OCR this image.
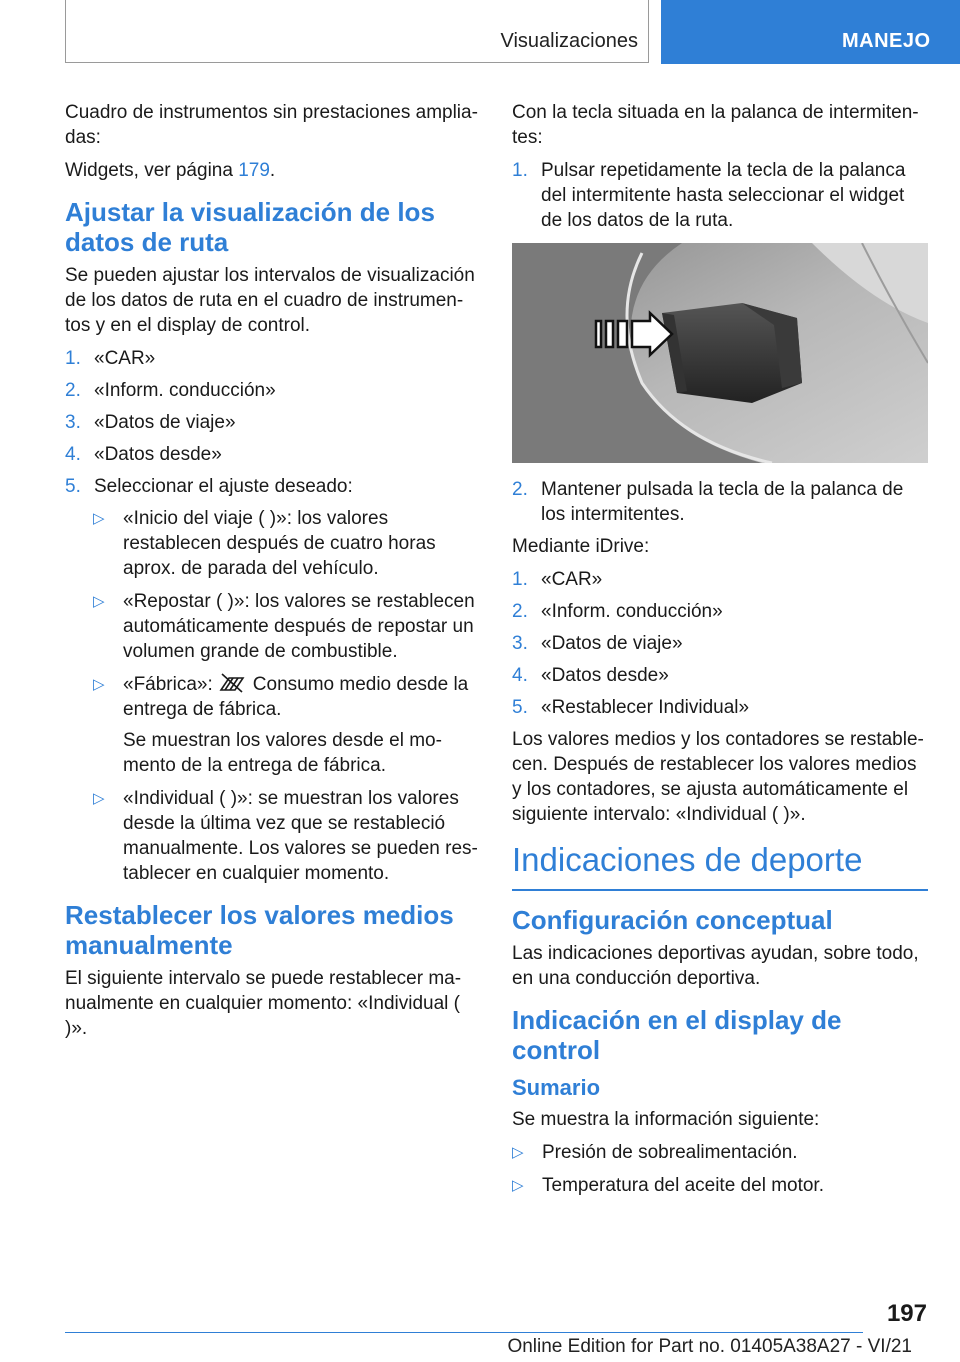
Visualizaciones	MANEJO

Cuadro de instrumentos sin prestaciones amplia-das:

Widgets, ver página 179.

Ajustar la visualización de los datos de ruta

Se pueden ajustar los intervalos de visualización de los datos de ruta en el cuadro de instrumen-tos y en el display de control.

1. «CAR»
2. «Inform. conducción»
3. «Datos de viaje»
4. «Datos desde»
5. Seleccionar el ajuste deseado:
▷ «Inicio del viaje ( )»: los valores restablecen después de cuatro horas aprox. de parada del vehículo.
▷ «Repostar ( )»: los valores se restablecen automáticamente después de repostar un volumen grande de combustible.
▷ «Fábrica»: Consumo medio desde la entrega de fábrica.
Se muestran los valores desde el mo-mento de la entrega de fábrica.
▷ «Individual ( )»: se muestran los valores desde la última vez que se restableció manualmente. Los valores se pueden res-tablecer en cualquier momento.
Restablecer los valores medios manualmente

El siguiente intervalo se puede restablecer ma-nualmente en cualquier momento: «Individual ( )».

Con la tecla situada en la palanca de intermiten-tes:

1. Pulsar repetidamente la tecla de la palanca del intermitente hasta seleccionar el widget de los datos de la ruta.
2. Mantener pulsada la tecla de la palanca de los intermitentes.

Mediante iDrive:

1. «CAR»
2. «Inform. conducción»
3. «Datos de viaje»
4. «Datos desde»
5. «Restablecer Individual»

Los valores medios y los contadores se restable-cen. Después de restablecer los valores medios y los contadores, se ajusta automáticamente el siguiente intervalo: «Individual ( )».

Indicaciones de deporte
Configuración conceptual

Las indicaciones deportivas ayudan, sobre todo, en una conducción deportiva.

Indicación en el display de control
Sumario

Se muestra la información siguiente:

▷ Presión de sobrealimentación.
▷ Temperatura del aceite del motor.
197
Online Edition for Part no. 01405A38A27 - VI/21
